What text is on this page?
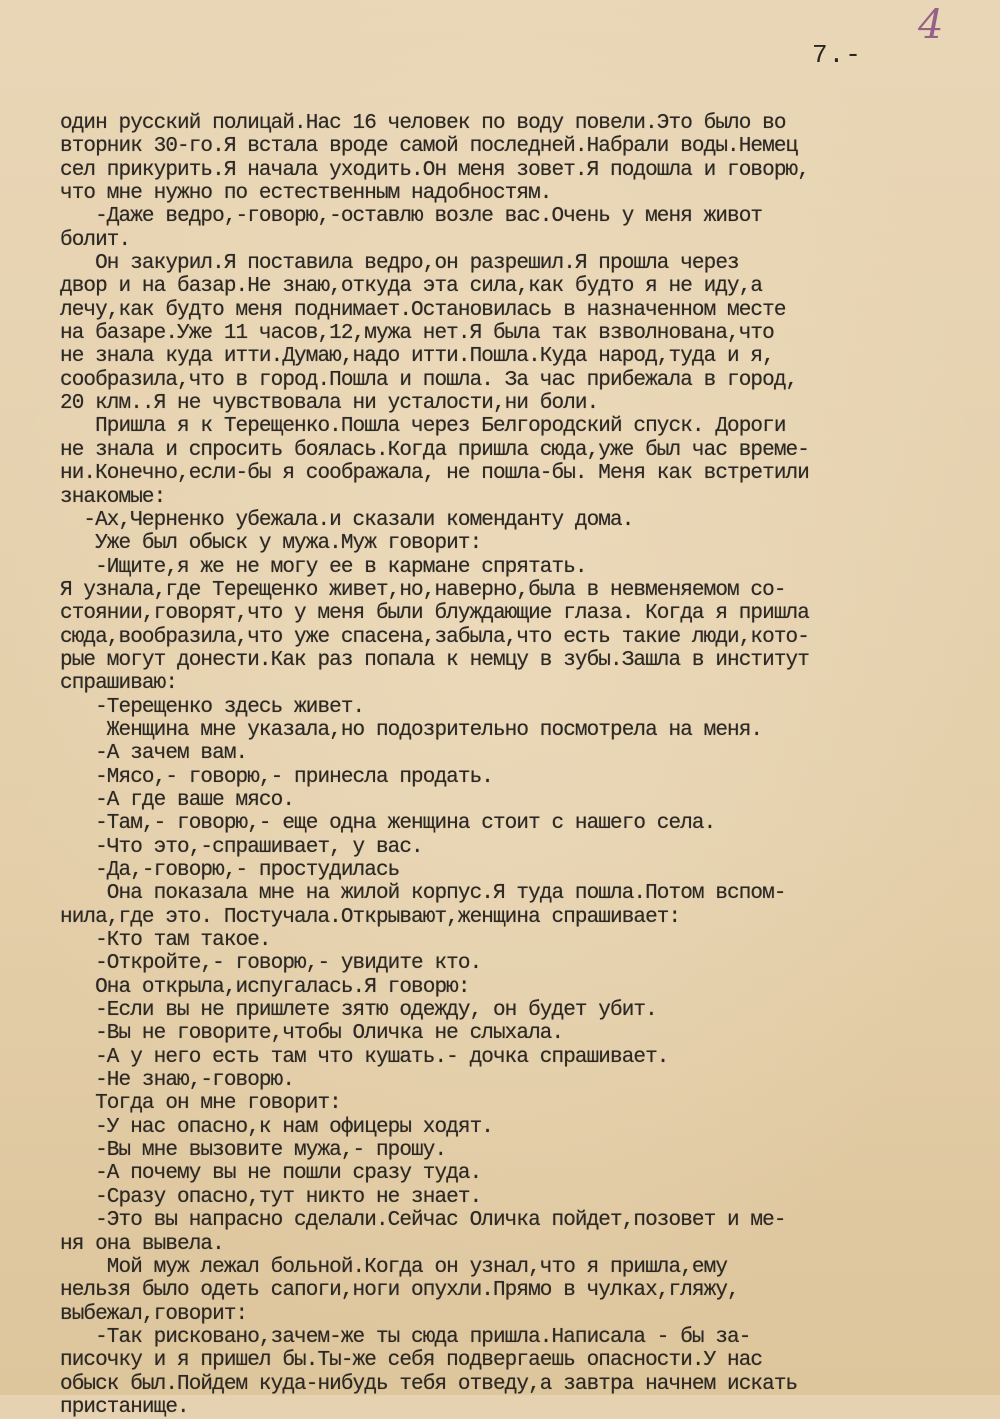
4
7.-
один русский полицай.Нас 16 человек по воду повели.Это было во
вторник 30-го.Я встала вроде самой последней.Набрали воды.Немец
сел прикурить.Я начала уходить.Он меня зовет.Я подошла и говорю,
что мне нужно по естественным надобностям.
-Даже ведро,-говорю,-оставлю возле вас.Очень у меня живот
болит.
Он закурил.Я поставила ведро,он разрешил.Я прошла через
двор и на базар.Не знаю,откуда эта сила,как будто я не иду,а
лечу,как будто меня поднимает.Остановилась в назначенном месте
на базаре.Уже 11 часов,12,мужа нет.Я была так взволнована,что
не знала куда итти.Думаю,надо итти.Пошла.Куда народ,туда и я,
сообразила,что в город.Пошла и пошла. За час прибежала в город,
20 клм..Я не чувствовала ни усталости,ни боли.
Пришла я к Терещенко.Пошла через Белгородский спуск. Дороги
не знала и спросить боялась.Когда пришла сюда,уже был час време-
ни.Конечно,если-бы я соображала, не пошла-бы. Меня как встретили
знакомые:
-Ах,Черненко убежала.и сказали коменданту дома.
Уже был обыск у мужа.Муж говорит:
-Ищите,я же не могу ее в кармане спрятать.
Я узнала,где Терещенко живет,но,наверно,была в невменяемом со-
стоянии,говорят,что у меня были блуждающие глаза. Когда я пришла
сюда,вообразила,что уже спасена,забыла,что есть такие люди,кото-
рые могут донести.Как раз попала к немцу в зубы.Зашла в институт
спрашиваю:
-Терещенко здесь живет.
Женщина мне указала,но подозрительно посмотрела на меня.
-А зачем вам.
-Мясо,- говорю,- принесла продать.
-А где ваше мясо.
-Там,- говорю,- еще одна женщина стоит с нашего села.
-Что это,-спрашивает, у вас.
-Да,-говорю,- простудилась
Она показала мне на жилой корпус.Я туда пошла.Потом вспом-
нила,где это. Постучала.Открывают,женщина спрашивает:
-Кто там такое.
-Откройте,- говорю,- увидите кто.
Она открыла,испугалась.Я говорю:
-Если вы не пришлете зятю одежду, он будет убит.
-Вы не говорите,чтобы Оличка не слыхала.
-А у него есть там что кушать.- дочка спрашивает.
-Не знаю,-говорю.
Тогда он мне говорит:
-У нас опасно,к нам офицеры ходят.
-Вы мне вызовите мужа,- прошу.
-А почему вы не пошли сразу туда.
-Сразу опасно,тут никто не знает.
-Это вы напрасно сделали.Сейчас Оличка пойдет,позовет и ме-
ня она вывела.
Мой муж лежал больной.Когда он узнал,что я пришла,ему
нельзя было одеть сапоги,ноги опухли.Прямо в чулках,гляжу,
выбежал,говорит:
-Так рисковано,зачем-же ты сюда пришла.Написала - бы за-
писочку и я пришел бы.Ты-же себя подвергаешь опасности.У нас
обыск был.Пойдем куда-нибудь тебя отведу,а завтра начнем искать
пристанище.
